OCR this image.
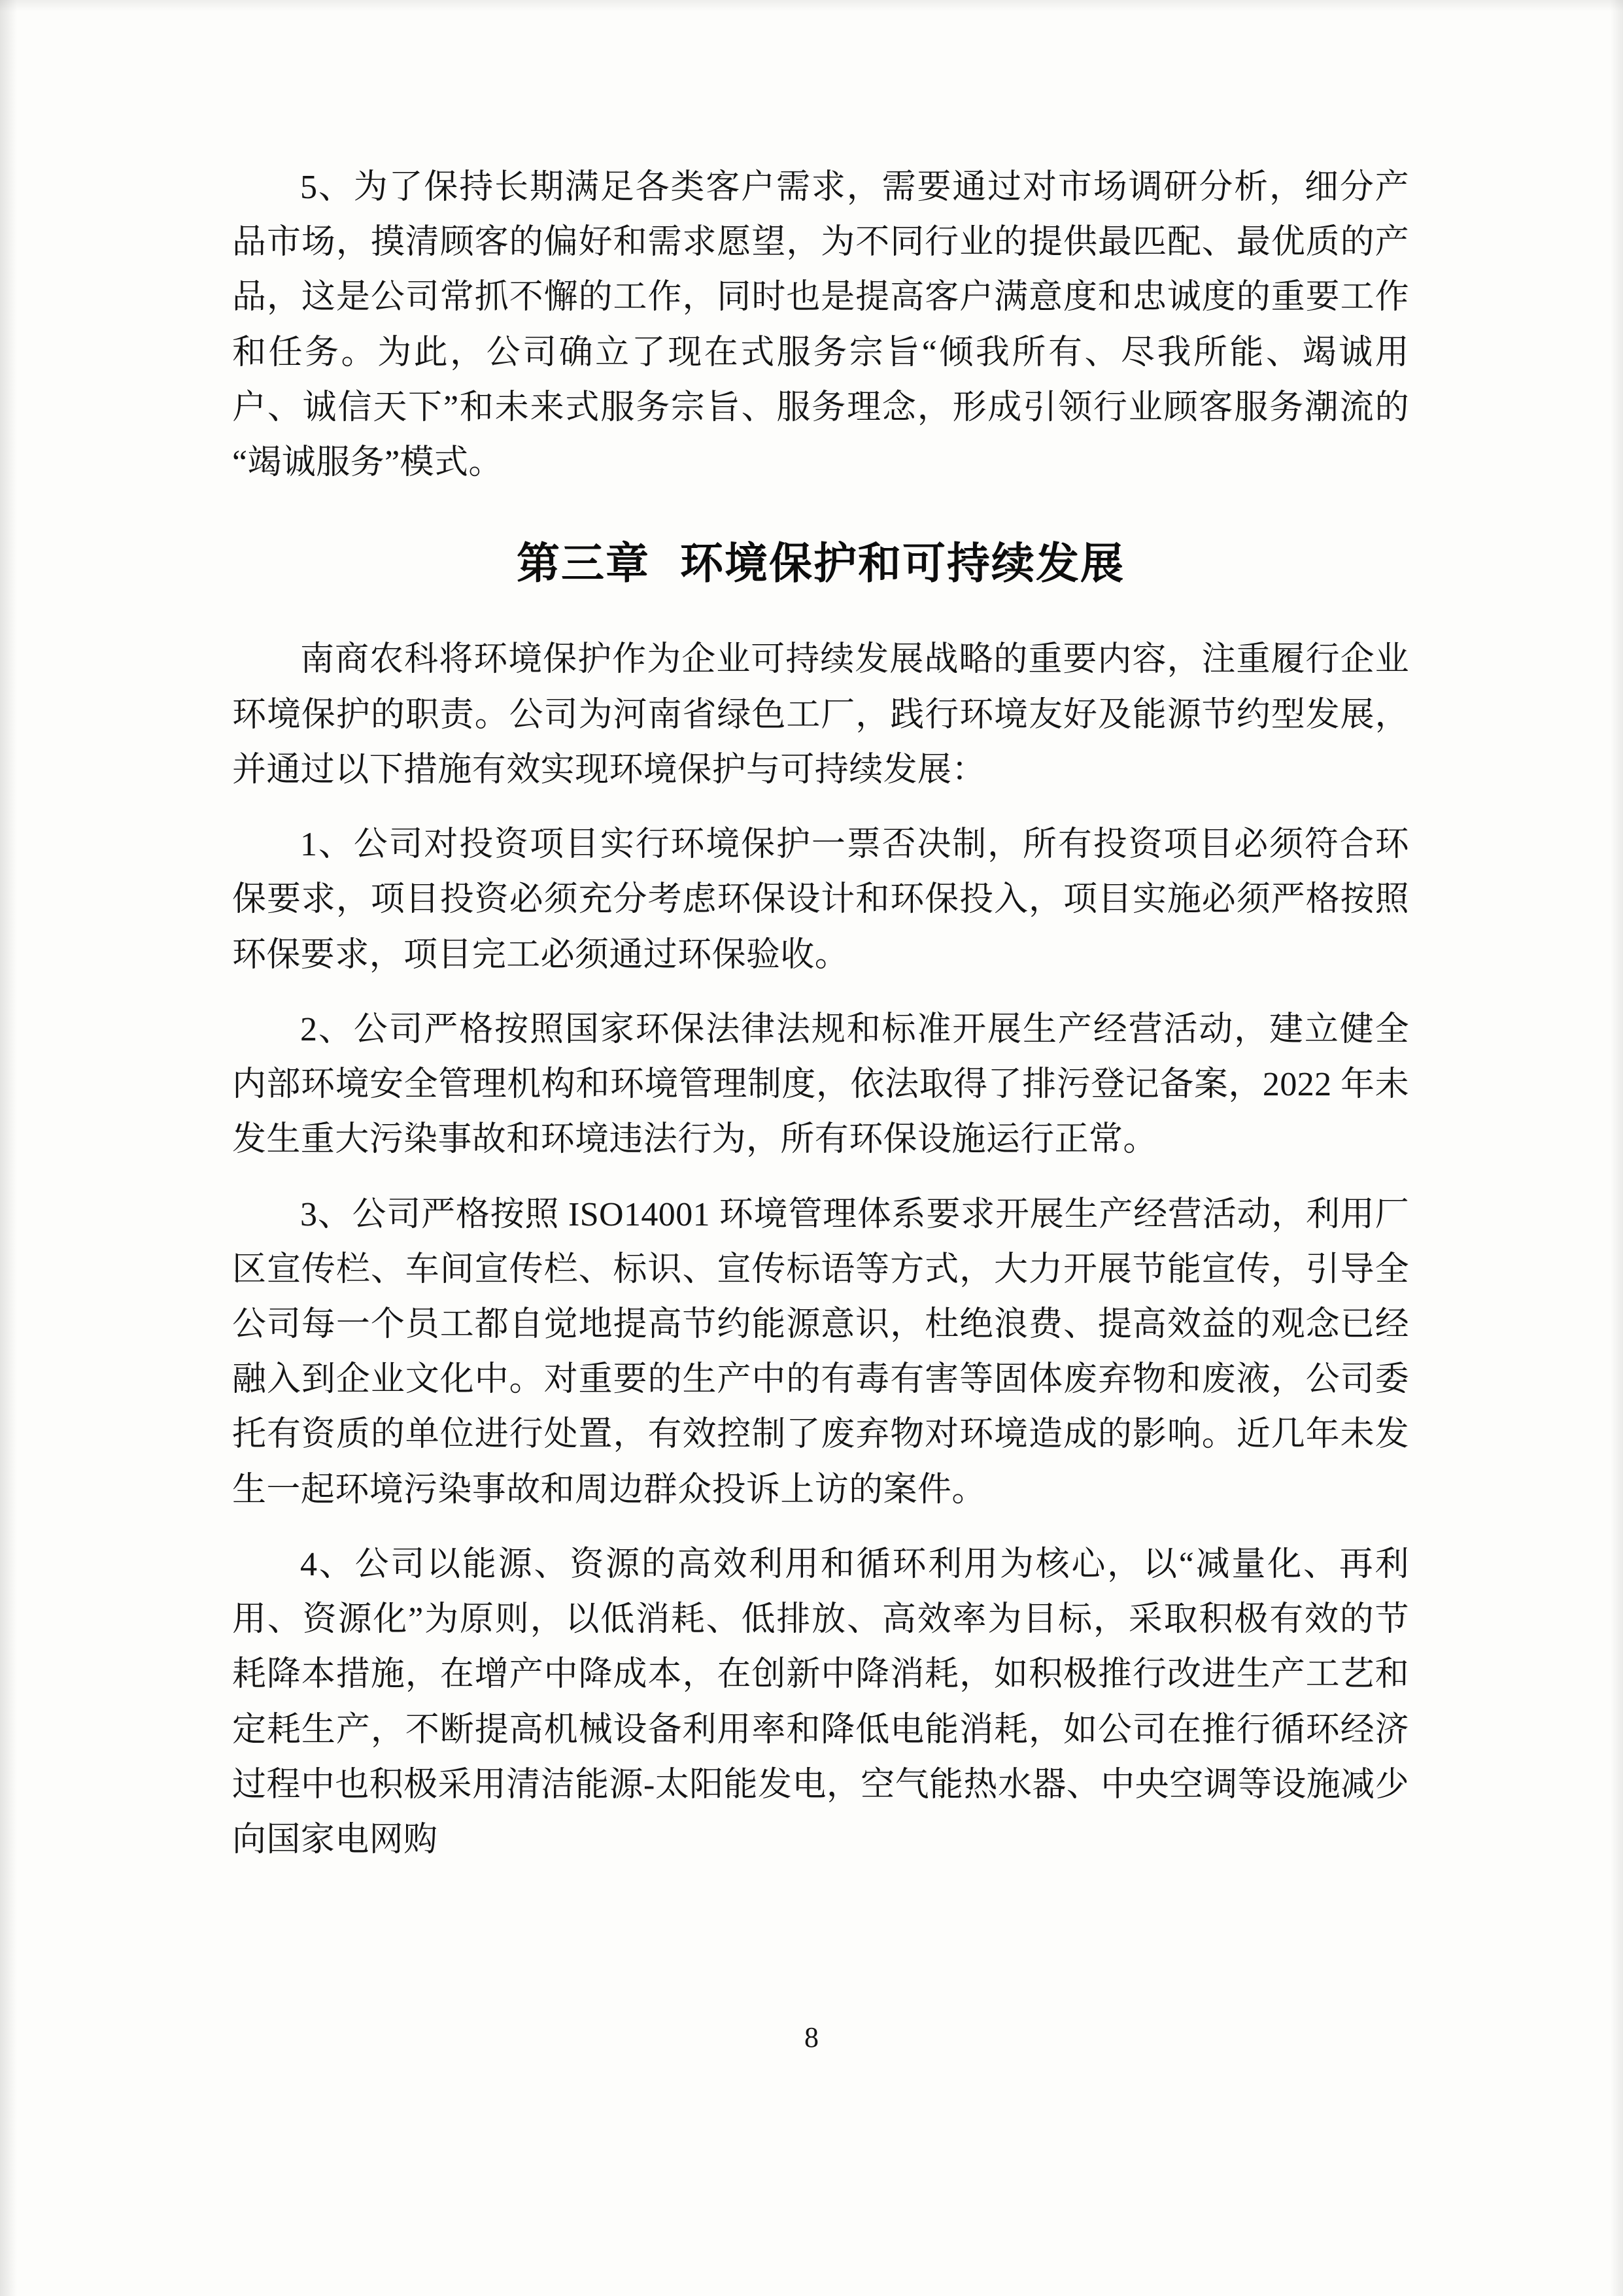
5、为了保持长期满足各类客户需求，需要通过对市场调研分析，细分产品市场，摸清顾客的偏好和需求愿望，为不同行业的提供最匹配、最优质的产品，这是公司常抓不懈的工作，同时也是提高客户满意度和忠诚度的重要工作和任务。为此，公司确立了现在式服务宗旨“倾我所有、尽我所能、竭诚用户、诚信天下”和未来式服务宗旨、服务理念，形成引领行业顾客服务潮流的“竭诚服务”模式。

第三章 环境保护和可持续发展

南商农科将环境保护作为企业可持续发展战略的重要内容，注重履行企业环境保护的职责。公司为河南省绿色工厂，践行环境友好及能源节约型发展，并通过以下措施有效实现环境保护与可持续发展：

1、公司对投资项目实行环境保护一票否决制，所有投资项目必须符合环保要求，项目投资必须充分考虑环保设计和环保投入，项目实施必须严格按照环保要求，项目完工必须通过环保验收。

2、公司严格按照国家环保法律法规和标准开展生产经营活动，建立健全内部环境安全管理机构和环境管理制度，依法取得了排污登记备案，2022 年未发生重大污染事故和环境违法行为，所有环保设施运行正常。

3、公司严格按照 ISO14001 环境管理体系要求开展生产经营活动，利用厂区宣传栏、车间宣传栏、标识、宣传标语等方式，大力开展节能宣传，引导全公司每一个员工都自觉地提高节约能源意识，杜绝浪费、提高效益的观念已经融入到企业文化中。对重要的生产中的有毒有害等固体废弃物和废液，公司委托有资质的单位进行处置，有效控制了废弃物对环境造成的影响。近几年未发生一起环境污染事故和周边群众投诉上访的案件。

4、公司以能源、资源的高效利用和循环利用为核心，以“减量化、再利用、资源化”为原则，以低消耗、低排放、高效率为目标，采取积极有效的节耗降本措施，在增产中降成本，在创新中降消耗，如积极推行改进生产工艺和定耗生产，不断提高机械设备利用率和降低电能消耗，如公司在推行循环经济过程中也积极采用清洁能源-太阳能发电，空气能热水器、中央空调等设施减少向国家电网购

8
